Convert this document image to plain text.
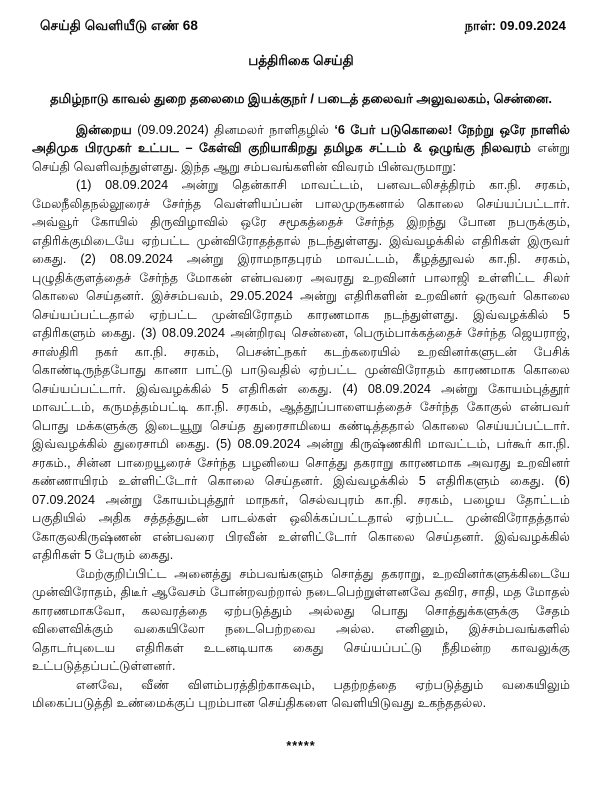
செய்தி வெளியீடு எண் 68	நாள்: 09.09.2024
பத்திரிகை செய்தி
தமிழ்நாடு காவல் துறை தலைமை இயக்குநர் / படைத் தலைவர் அலுவலகம், சென்னை.

இன்றைய (09.09.2024) தினமலர் நாளிதழில் ‘6 பேர் படுகொலை! நேற்று ஒரே நாளில் அதிமுக பிரமுகர் உட்பட – கேள்வி குறியாகிறது தமிழக சட்டம் & ஒழுங்கு நிலவரம் என்று செய்தி வெளிவந்துள்ளது. இந்த ஆறு சம்பவங்களின் விவரம் பின்வருமாறு:

(1) 08.09.2024 அன்று தென்காசி மாவட்டம், பனவடலிசத்திரம் கா.நி. சரகம், மேலநீலிதநல்லூரைச் சேர்ந்த வெள்ளியப்பன் பாலமுருகனால் கொலை செய்யப்பட்டார். அவ்வூர் கோயில் திருவிழாவில் ஒரே சமூகத்தைச் சேர்ந்த இறந்து போன நபருக்கும், எதிரிக்குமிடையே ஏற்பட்ட முன்விரோதத்தால் நடந்துள்ளது. இவ்வழக்கில் எதிரிகள் இருவர் கைது. (2) 08.09.2024 அன்று இராமநாதபுரம் மாவட்டம், கீழத்தூவல் கா.நி. சரகம், புழுதிக்குளத்தைச் சேர்ந்த மோகன் என்பவரை அவரது உறவினர் பாலாஜி உள்ளிட்ட சிலர் கொலை செய்தனர். இச்சம்பவம், 29.05.2024 அன்று எதிரிகளின் உறவினர் ஒருவர் கொலை செய்யப்பட்டதால் ஏற்பட்ட முன்விரோதம் காரணமாக நடந்துள்ளது. இவ்வழக்கில் 5 எதிரிகளும் கைது. (3) 08.09.2024 அன்றிரவு சென்னை, பெரும்பாக்கத்தைச் சேர்ந்த ஜெயராஜ், சாஸ்திரி நகர் கா.நி. சரகம், பெசன்ட்நகர் கடற்கரையில் உறவினர்களுடன் பேசிக் கொண்டிருந்தபோது கானா பாட்டு பாடுவதில் ஏற்பட்ட முன்விரோதம் காரணமாக கொலை செய்யப்பட்டார். இவ்வழக்கில் 5 எதிரிகள் கைது. (4) 08.09.2024 அன்று கோயம்புத்தூர் மாவட்டம், கருமத்தம்பட்டி கா.நி. சரகம், ஆத்தூப்பாளையத்தைச் சேர்ந்த கோகுல் என்பவர் பொது மக்களுக்கு இடையூறு செய்த துரைசாமியை கண்டித்ததால் கொலை செய்யப்பட்டார். இவ்வழக்கில் துரைசாமி கைது. (5) 08.09.2024 அன்று கிருஷ்ணகிரி மாவட்டம், பர்கூர் கா.நி. சரகம்., சின்ன பாறையூரைச் சேர்ந்த பழனியை சொத்து தகராறு காரணமாக அவரது உறவினர் கண்ணாயிரம் உள்ளிட்டோர் கொலை செய்தனர். இவ்வழக்கில் 5 எதிரிகளும் கைது. (6) 07.09.2024 அன்று கோயம்புத்தூர் மாநகர், செல்வபுரம் கா.நி. சரகம், பழைய தோட்டம் பகுதியில் அதிக சத்தத்துடன் பாடல்கள் ஒலிக்கப்பட்டதால் ஏற்பட்ட முன்விரோதத்தால் கோகுலகிருஷ்ணன் என்பவரை பிரவீன் உள்ளிட்டோர் கொலை செய்தனர். இவ்வழக்கில் எதிரிகள் 5 பேரும் கைது.

மேற்குறிப்பிட்ட அனைத்து சம்பவங்களும் சொத்து தகராறு, உறவினர்களுக்கிடையே முன்விரோதம், திடீர் ஆவேசம் போன்றவற்றால் நடைபெற்றுள்ளனவே தவிர, சாதி, மத மோதல் காரணமாகவோ, கலவரத்தை ஏற்படுத்தும் அல்லது பொது சொத்துக்களுக்கு சேதம் விளைவிக்கும் வகையிலோ நடைபெற்றவை அல்ல. எனினும், இச்சம்பவங்களில் தொடர்புடைய எதிரிகள் உடனடியாக கைது செய்யப்பட்டு நீதிமன்ற காவலுக்கு உட்படுத்தப்பட்டுள்ளனர்.

எனவே, வீண் விளம்பரத்திற்காகவும், பதற்றத்தை ஏற்படுத்தும் வகையிலும் மிகைப்படுத்தி உண்மைக்குப் புறம்பான செய்திகளை வெளியிடுவது உகந்ததல்ல.

*****
